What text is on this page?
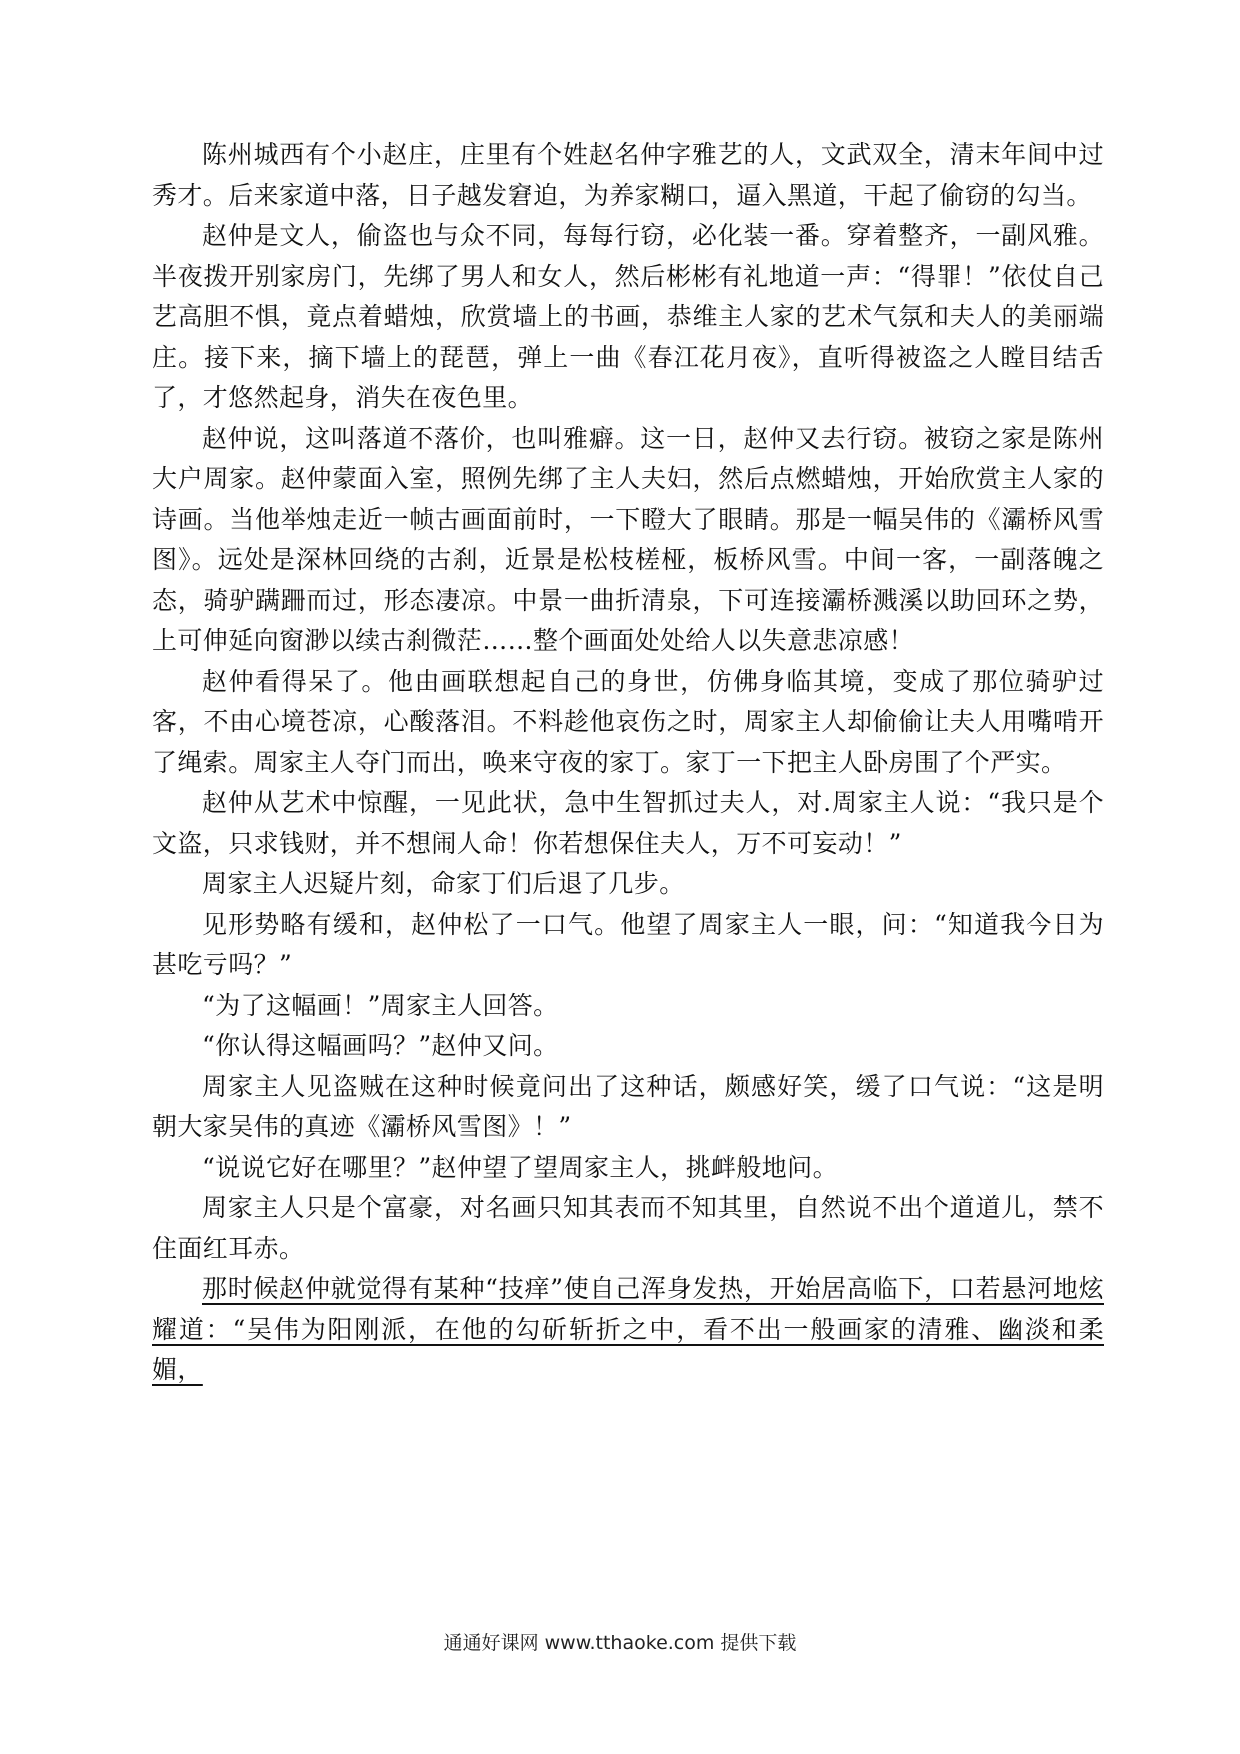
陈州城西有个小赵庄，庄里有个姓赵名仲字雅艺的人，文武双全，清末年间中过秀才。后来家道中落，日子越发窘迫，为养家糊口，逼入黑道，干起了偷窃的勾当。

赵仲是文人，偷盗也与众不同，每每行窃，必化装一番。穿着整齐，一副风雅。半夜拨开别家房门，先绑了男人和女人，然后彬彬有礼地道一声：“得罪！”依仗自己艺高胆不惧，竟点着蜡烛，欣赏墙上的书画，恭维主人家的艺术气氛和夫人的美丽端庄。接下来，摘下墙上的琵琶，弹上一曲《春江花月夜》，直听得被盗之人瞠目结舌了，才悠然起身，消失在夜色里。

赵仲说，这叫落道不落价，也叫雅癖。这一日，赵仲又去行窃。被窃之家是陈州大户周家。赵仲蒙面入室，照例先绑了主人夫妇，然后点燃蜡烛，开始欣赏主人家的诗画。当他举烛走近一帧古画面前时，一下瞪大了眼睛。那是一幅吴伟的《灞桥风雪图》。远处是深林回绕的古刹，近景是松枝槎桠，板桥风雪。中间一客，一副落魄之态，骑驴蹒跚而过，形态凄凉。中景一曲折清泉，下可连接灞桥溅溪以助回环之势，上可伸延向窗渺以续古刹微茫……整个画面处处给人以失意悲凉感！

赵仲看得呆了。他由画联想起自己的身世，仿佛身临其境，变成了那位骑驴过客，不由心境苍凉，心酸落泪。不料趁他哀伤之时，周家主人却偷偷让夫人用嘴啃开了绳索。周家主人夺门而出，唤来守夜的家丁。家丁一下把主人卧房围了个严实。

赵仲从艺术中惊醒，一见此状，急中生智抓过夫人，对.周家主人说：“我只是个文盗，只求钱财，并不想闹人命！你若想保住夫人，万不可妄动！”

周家主人迟疑片刻，命家丁们后退了几步。

见形势略有缓和，赵仲松了一口气。他望了周家主人一眼，问：“知道我今日为甚吃亏吗？”

“为了这幅画！”周家主人回答。

“你认得这幅画吗？”赵仲又问。

周家主人见盗贼在这种时候竟问出了这种话，颇感好笑，缓了口气说：“这是明朝大家吴伟的真迹《灞桥风雪图》！”

“说说它好在哪里？”赵仲望了望周家主人，挑衅般地问。

周家主人只是个富豪，对名画只知其表而不知其里，自然说不出个道道儿，禁不住面红耳赤。

那时候赵仲就觉得有某种“技痒”使自己浑身发热，开始居高临下，口若悬河地炫耀道：“吴伟为阳刚派，在他的勾斫斩折之中，看不出一般画家的清雅、幽淡和柔媚，

通通好课网 www.tthaoke.com 提供下载
